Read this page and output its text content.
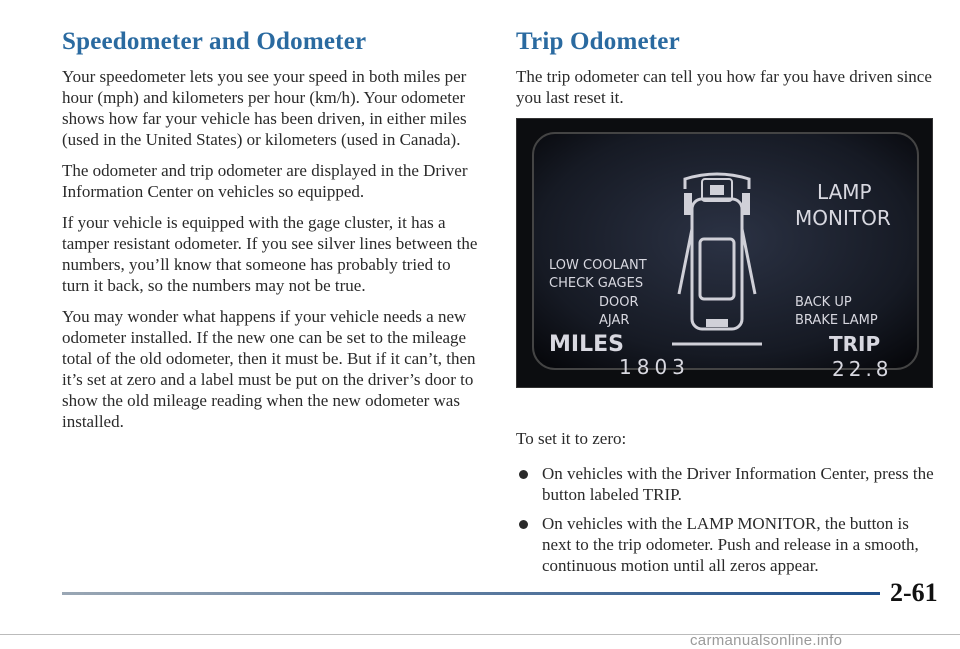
Speedometer and Odometer

Your speedometer lets you see your speed in both miles per hour (mph) and kilometers per hour (km/h). Your odometer shows how far your vehicle has been driven, in either miles (used in the United States) or kilometers (used in Canada).

The odometer and trip odometer are displayed in the Driver Information Center on vehicles so equipped.

If your vehicle is equipped with the gage cluster, it has a tamper resistant odometer. If you see silver lines between the numbers, you’ll know that someone has probably tried to turn it back, so the numbers may not be true.

You may wonder what happens if your vehicle needs a new odometer installed. If the new one can be set to the mileage total of the old odometer, then it must be. But if it can’t, then it’s set at zero and a label must be put on the driver’s door to show the old mileage reading when the new odometer was installed.

Trip Odometer

The trip odometer can tell you how far you have driven since you last reset it.

LAMP
MONITOR
LOW COOLANT
CHECK GAGES
DOOR
AJAR
BACK UP
BRAKE LAMP
MILES
1803
TRIP
22.8

To set it to zero:

On vehicles with the Driver Information Center, press the button labeled TRIP.
On vehicles with the LAMP MONITOR, the button is next to the trip odometer. Push and release in a smooth, continuous motion until all zeros appear.
2-61
carmanualsonline.info
